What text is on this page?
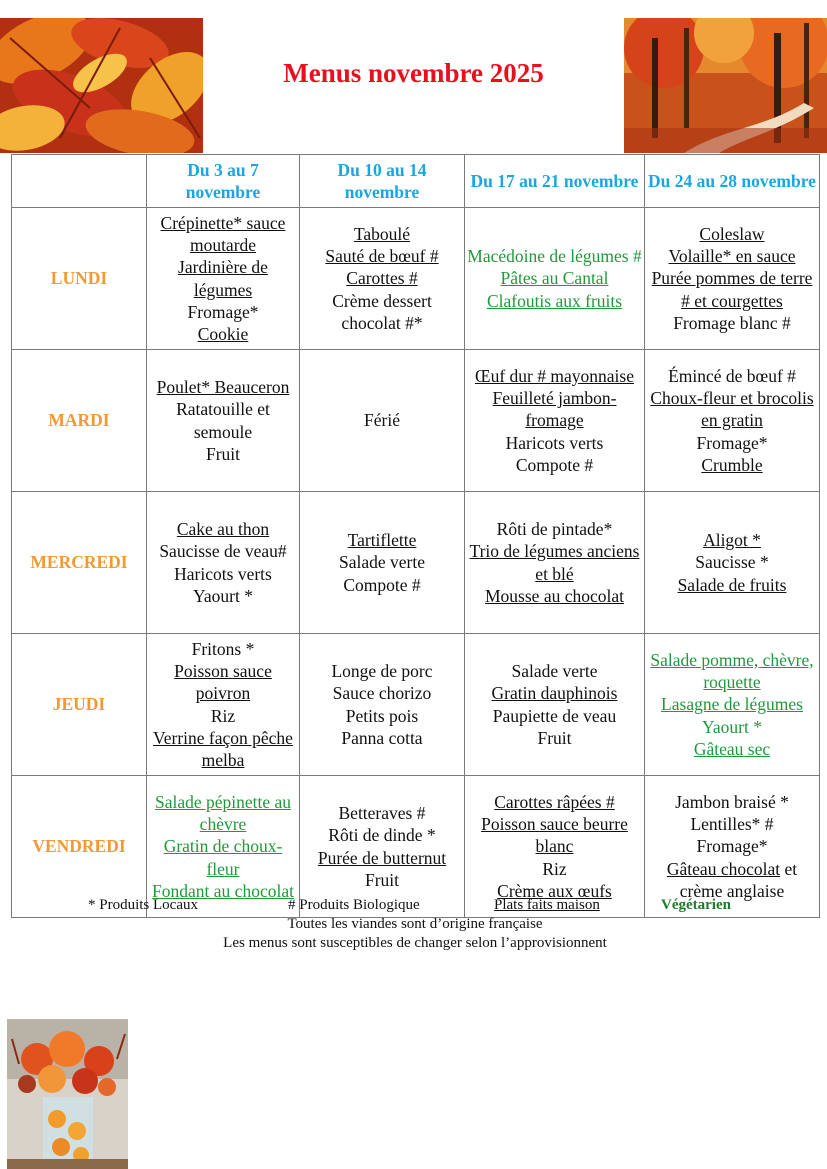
Menus novembre 2025
	Du 3 au 7 novembre	Du 10 au 14 novembre	Du 17 au 21 novembre	Du 24 au 28 novembre
LUNDI	Crépinette* sauce moutarde
Jardinière de légumes
Fromage*
Cookie	Taboulé
Sauté de bœuf #
Carottes #
Crème dessert chocolat #*	Macédoine de légumes #
Pâtes au Cantal
Clafoutis aux fruits	Coleslaw
Volaille* en sauce
Purée pommes de terre # et courgettes
Fromage blanc #

MARDI	Poulet* Beauceron
Ratatouille et semoule
Fruit	Férié	Œuf dur # mayonnaise
Feuilleté jambon-fromage
Haricots verts
Compote #	Émincé de bœuf #
Choux-fleur et brocolis en gratin
Fromage*
Crumble

MERCREDI	Cake au thon
Saucisse de veau#
Haricots verts
Yaourt *	Tartiflette
Salade verte
Compote #	Rôti de pintade*
Trio de légumes anciens et blé
Mousse au chocolat	Aligot *
Saucisse *
Salade de fruits

JEUDI	Fritons *
Poisson sauce poivron
Riz
Verrine façon pêche melba	Longe de porc
Sauce chorizo
Petits pois
Panna cotta	Salade verte
Gratin dauphinois
Paupiette de veau
Fruit	Salade pomme, chèvre, roquette
Lasagne de légumes
Yaourt *
Gâteau sec

VENDREDI	Salade pépinette au chèvre
Gratin de choux-fleur
Fondant au chocolat	Betteraves #
Rôti de dinde *
Purée de butternut
Fruit	Carottes râpées #
Poisson sauce beurre blanc
Riz
Crème aux œufs	Jambon braisé *
Lentilles* #
Fromage*
Gâteau chocolat et crème anglaise
* Produits Locaux	# Produits Biologique	Plats faits maison	Végétarien
Toutes les viandes sont d’origine française
Les menus sont susceptibles de changer selon l’approvisionnent
